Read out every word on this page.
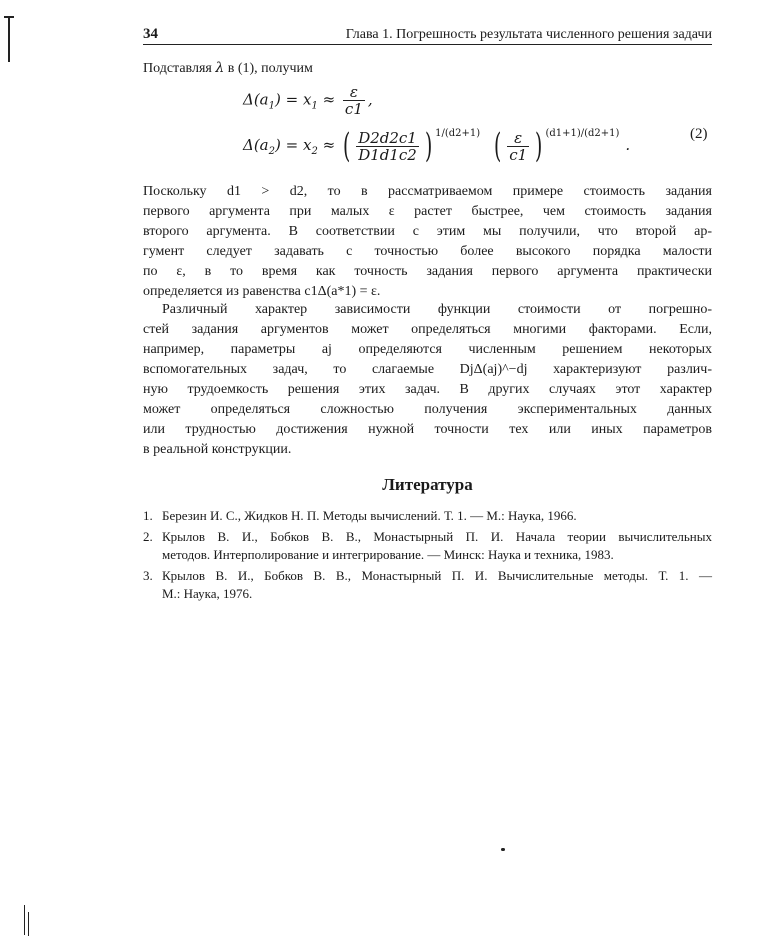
34	Глава 1. Погрешность результата численного решения задачи
Подставляя λ в (1), получим
$\Delta(a_1) = x_1 \approx \frac{\varepsilon}{c1}$ ,
$\Delta(a_2) = x_2$ ≈ ( $\frac{D2d2c1}{D1d1c2}$ ) $^{1/(d2+1)}$ ( $\frac{\varepsilon}{c1}$ ) $^{(d1+1)/(d2+1)}$.
(2)
Поскольку d1 > d2, то в рассматриваемом примере стоимость задания
первого аргумента при малых ε растет быстрее, чем стоимость задания
второго аргумента. В соответствии с этим мы получили, что второй ар-
гумент следует задавать с точностью более высокого порядка малости
по ε, в то время как точность задания первого аргумента практически
определяется из равенства c1Δ(a*1) = ε.
Различный характер зависимости функции стоимости от погрешно-
стей задания аргументов может определяться многими факторами. Если,
например, параметры aj определяются численным решением некоторых
вспомогательных задач, то слагаемые DjΔ(aj)^−dj характеризуют различ-
ную трудоемкость решения этих задач. В других случаях этот характер
может определяться сложностью получения экспериментальных данных
или трудностью достижения нужной точности тех или иных параметров
в реальной конструкции.
Литература
1. Березин И. С., Жидков Н. П. Методы вычислений. Т. 1. — М.: Наука, 1966.
2. Крылов В. И., Бобков В. В., Монастырный П. И. Начала теории вычислительных
методов. Интерполирование и интегрирование. — Минск: Наука и техника, 1983.
3. Крылов В. И., Бобков В. В., Монастырный П. И. Вычислительные методы. Т. 1. —
М.: Наука, 1976.
